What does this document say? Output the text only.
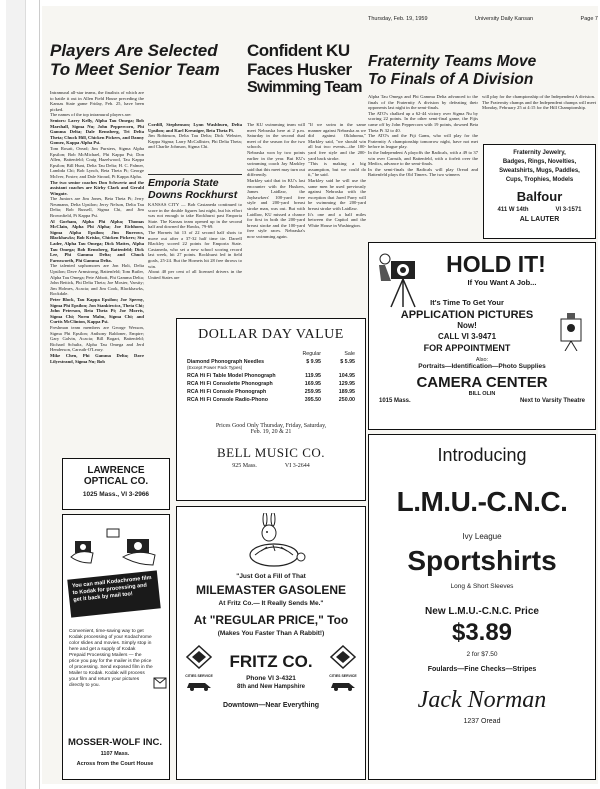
Thursday, Feb. 19, 1959	University Daily Kansan	Page 7
Players Are Selected
To Meet Senior Team

Intramural all-star teams, the finalists of which are to battle it out in Allen Field House preceding the Kansas State game Friday, Feb. 25, have been picked.

The names of the top intramural players are:

Seniors: Larry Kelly, Alpha Tau Omega; Bob Marshall, Sigma Nu; John Peppercorn, Phi Gamma Delta; Dale Remsberg, Tri Delta Theta; Chuck Hill, Chicken Pickers, and Danny Gomez, Kappa Alpha Psi.

Tom Rosati, Oread; Jim Pursters, Sigma Alpha Epsilon; Bob McMichael, Phi Kappa Psi; Don Allen, Battenfeld; Craig Hazelwood, Tau Kappa Epsilon; Bill Hunt, Delta Tau Delta; H. C. Palmer, Lambda Chi; Bob Lynch, Beta Theta Pi; George McIver, Foster; and Dale Stroud, Pi Kappa Alpha.

The two senior coaches Don Schwertz and the assistant coaches are Kirby Clark and Gerald Wingate.

The Juniors are Jim Jones, Beta Theta Pi; Jerry Neumann, Delta Upsilon; Jerry Nelson, Delta Tau Delta; Bob Russell, Sigma Chi, and Jim Brownfield, Pi Kappa Psi.

Al Gorham, Alpha Phi Alpha; Thomas McClain, Alpha Phi Alpha; Joe Eichhorn, Sigma Alpha Epsilon; Jim Burrows, Blackhawks; Bob Krisko, Chicken Pickers; Stu Lader, Alpha Tau Omega; Dick Mattes, Alpha Tau Omega; Bob Remsberg, Battenfeld; Dick Lee, Phi Gamma Delta; and Chuck Farnsworth, Phi Gamma Delta.

The talented sophomores are Jon Holt, Delta Upsilon; Dave Armstrong, Battenfeld; Tom Butler, Alpha Tau Omega; Pete Abbott, Phi Gamma Delta; John Bettick, Phi Delta Theta; Joe Mosier, Varsity; Jim Holmes, Acacia; and Jim Cook, Blackhawks, Rockdale.

Peter Block, Tau Kappa Epsilon; Joe Sperny, Sigma Phi Epsilon; Jon Stankiewicz, Theta Chi; John Peterson, Beta Theta Pi; Joe Morris, Sigma Chi; Norm Malm, Sigma Chi; and Curtis McClinton, Kappa Psi.

Freshman team members are George Wesson, Sigma Phi Epsilon; Anthony Baldoner, Empire; Gary Galvin, Acacia; Bill Bogart, Battenfeld; Richard Schultz, Alpha Tau Omega and Jerd Henderson, Carruth-O'Leary.

Mike Chen, Phi Gamma Delta; Dave Lilyestrand, Sigma Nu; Bob

Cordill, Stephenson; Lynn Washburn, Delta Upsilon; and Karl Kresniger, Beta Theta Pi.

Jim Robinson, Delta Tau Delta; Dick Webster, Kappa Sigma; Larry McCallister, Phi Delta Theta; and Charlie Johnson, Sigma Chi.

Emporia State
Downs Rockhurst

KANSAS CITY — Bob Castaneda continued to score in the double figures last night, but his effort was not enough to take Rockhurst past Emporia State. The Kansas team opened up in the second half and downed the Hawks, 79-69.

The Hornets hit 13 of 22 second half shots to move out after a 37-32 half time tie. Darrell Blackley scored 22 points for Emporia State. Castaneda, who set a new school scoring record last week, hit 27 points. Rockhurst led in field goals, 25-24. But the Hornets hit 28 free throws to win.

About 40 per cent of all licensed drivers in the United States are

Confident KU
Faces Husker
Swimming Team

The KU swimming team will meet Nebraska here at 2 p.m. Saturday in the second dual meet of the season for the two schools.

Nebraska won by two points earlier in the year. But KU's swimming coach Jay Markley said that this meet may turn out differently.

Markley said that in KU's last encounter with the Huskers, James Laidlaw, the Jayhawkers' 100-yard free style and 200-yard breast stroke man, was out. But with Laidlaw, KU missed a chance for first in both the 200-yard breast stroke and the 100-yard free style races. Nebraska's now swimming again.

"If we swim in the same manner against Nebraska as we did against Oklahoma," Markley said, "we should win all but two events—the 100-yard free style and the 200-yard back stroke.

"This is making a big assumption, but we could do it," he said.

Markley said he will use the same men he used previously against Nebraska with the exception that Jared Parry will be swimming the 200-yard breast stroke with Laidlaw.

It's one and a half miles between the Capitol and the White House in Washington.

Fraternity Teams Move
To Finals of A Division

Alpha Tau Omega and Phi Gamma Delta advanced to the finals of the Fraternity A division by defeating their opponents last night in the semi-finals.

The ATO's chalked up a 62-44 victory over Sigma Nu by scoring 22 points. In the other semi-final game, the Fijis came off by John Peppercorn with 19 points, downed Beta Theta Pi 32 to 40.

The ATO's and the Fiji Gams, who will play for the Fraternity A championship tomorrow night, have not met before in league play.

In the Independent A playoffs the Radicals, with a 49 to 37 win over Carruth, and Battenfeld, with a forfeit over the Medics, advance to the semi-finals.

In the semi-finals the Radicals will play Oread and Battenfeld plays the Old Timers. The two winners

will play for the championship of the Independent A division.

The Fraternity champs and the Independent champs will meet Monday, February 25 at 4:15 for the Hill Championship.

Fraternity Jewelry,
Badges, Rings, Novelties,
Sweatshirts, Mugs, Paddles,
Cups, Trophies, Models
Balfour
411 W 14th	VI 3-1571
AL LAUTER
HOLD IT!
If You Want A Job...
It's Time To Get Your
APPLICATION PICTURES
Now!
CALL VI 3-9471
FOR APPOINTMENT
Also:
Portraits—Identification—Photo Supplies
CAMERA CENTER
BILL OLIN
1015 Mass.	Next to Varsity Theatre
DOLLAR DAY VALUE
Regular	Sale
Diamond Phonograph Needles	$ 9.95	$ 5.95
(Except Power Pack Types)
RCA Hi Fi Table Model Phonograph	119.95	104.95
RCA Hi Fi Consolette Phonograph	169.95	129.95
RCA Hi Fi Console Phonograph	259.95	189.95
RCA Hi Fi Console Radio-Phono	395.50	250.00
Prices Good Only Thursday, Friday, Saturday,
Feb. 19, 20 & 21
BELL MUSIC CO.
925 Mass.	VI 3-2644
LAWRENCE
OPTICAL CO.
1025 Mass., VI 3-2966
You can mail Kodachrome film to Kodak for processing and get it back by mail too!
Convenient, time-saving way to get Kodak processing of your Kodachrome color slides and movies. Simply stop in here and get a supply of Kodak Prepaid Processing Mailers — the price you pay for the mailer is the price of processing. Send exposed film in the Mailer to Kodak. Kodak will process your film and return your pictures directly to you.
MOSSER-WOLF INC.
1107 Mass.
Across from the Court House
"Just Got a Fill of That
MILEMASTER GASOLENE
At Fritz Co.— It Really Sends Me."
At "REGULAR PRICE," Too
(Makes You Faster Than A Rabbit!)
CITIES SERVICE
FRITZ CO.
Phone VI 3-4321
8th and New Hampshire
CITIES SERVICE
Downtown—Near Everything
Introducing
L.M.U.-C.N.C.
Ivy League
Sportshirts
Long & Short Sleeves
New L.M.U.-C.N.C. Price
$3.89
2 for $7.50
Foulards—Fine Checks—Stripes
Jack Norman
1237 Oread
